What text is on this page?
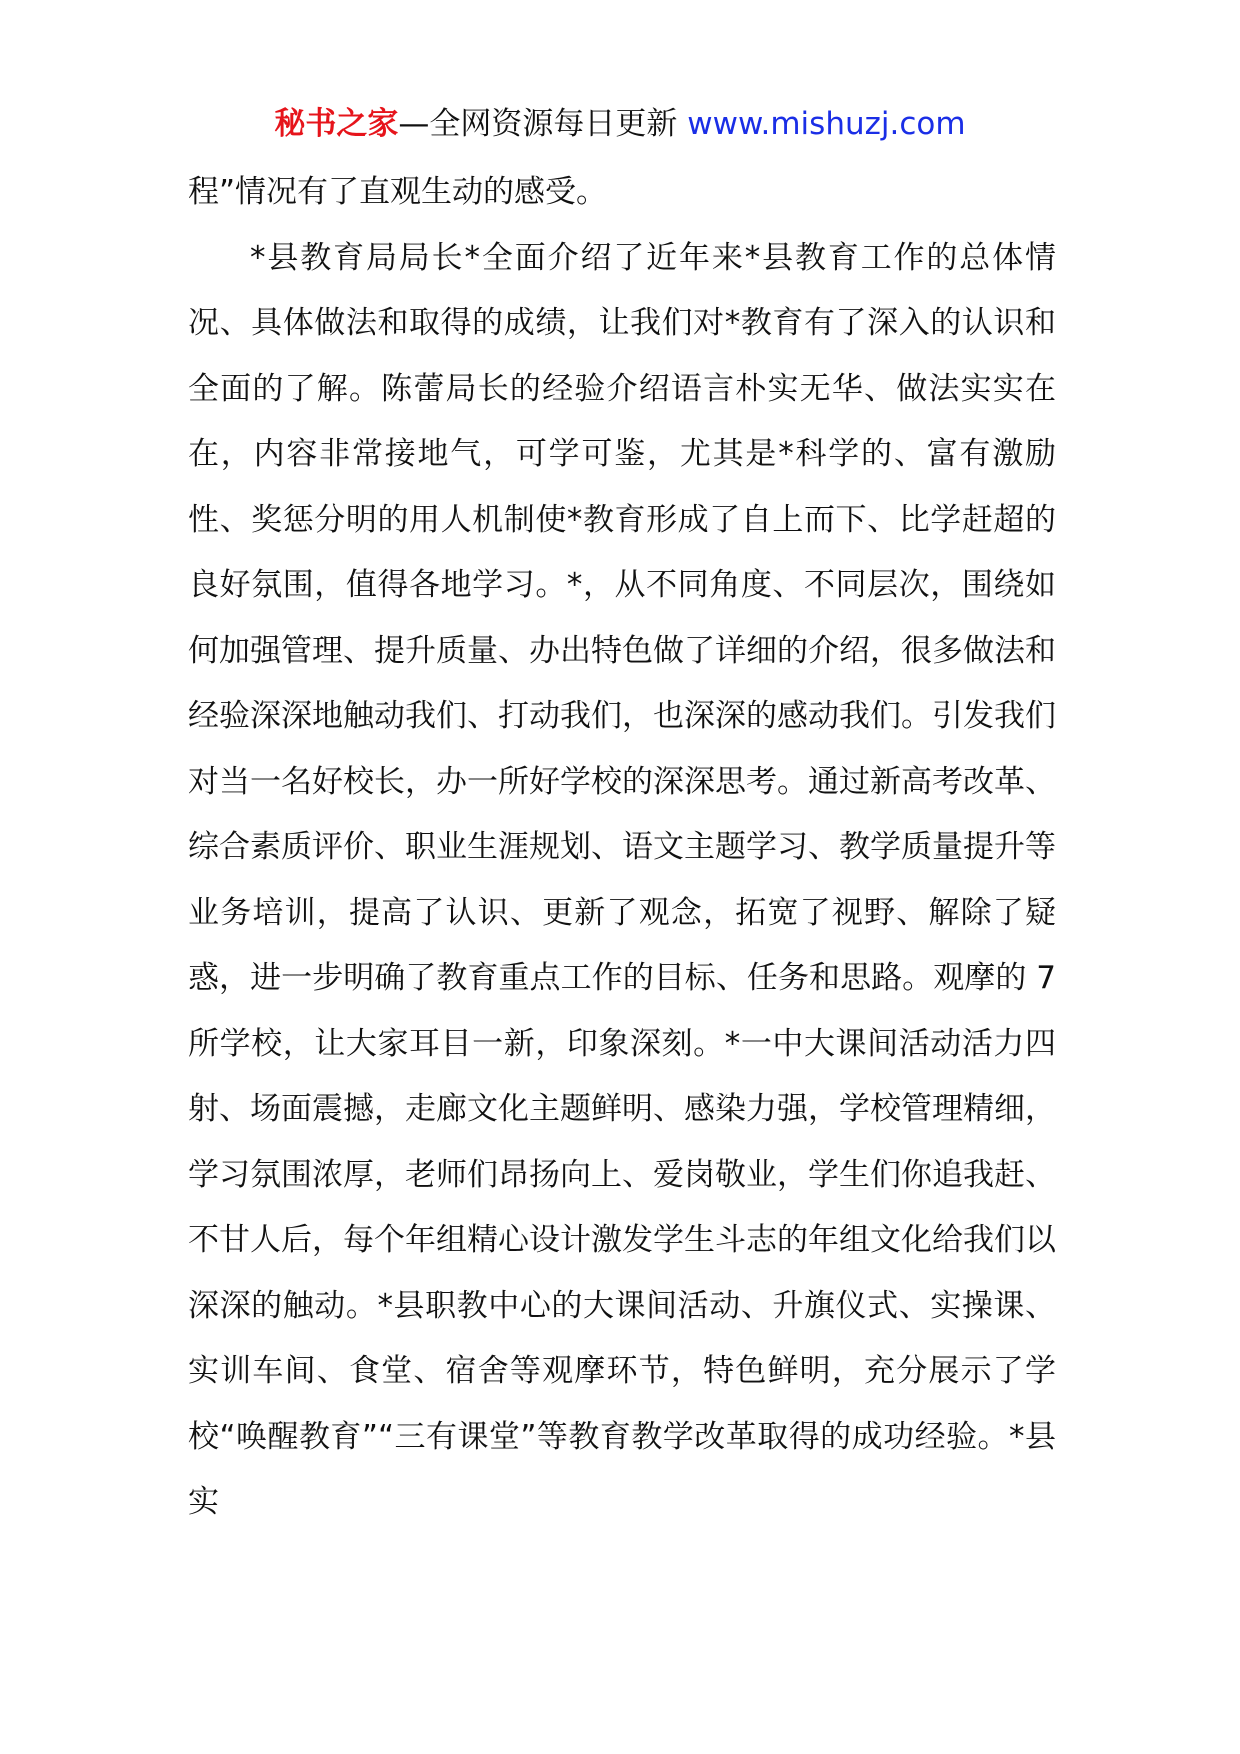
秘书之家—全网资源每日更新 www.mishuzj.com

程”情况有了直观生动的感受。

*县教育局局长*全面介绍了近年来*县教育工作的总体情况、具体做法和取得的成绩，让我们对*教育有了深入的认识和全面的了解。陈蕾局长的经验介绍语言朴实无华、做法实实在在，内容非常接地气，可学可鉴，尤其是*科学的、富有激励性、奖惩分明的用人机制使*教育形成了自上而下、比学赶超的良好氛围，值得各地学习。*，从不同角度、不同层次，围绕如何加强管理、提升质量、办出特色做了详细的介绍，很多做法和经验深深地触动我们、打动我们，也深深的感动我们。引发我们对当一名好校长，办一所好学校的深深思考。通过新高考改革、综合素质评价、职业生涯规划、语文主题学习、教学质量提升等业务培训，提高了认识、更新了观念，拓宽了视野、解除了疑惑，进一步明确了教育重点工作的目标、任务和思路。观摩的 7 所学校，让大家耳目一新，印象深刻。*一中大课间活动活力四射、场面震撼，走廊文化主题鲜明、感染力强，学校管理精细，学习氛围浓厚，老师们昂扬向上、爱岗敬业，学生们你追我赶、不甘人后，每个年组精心设计激发学生斗志的年组文化给我们以深深的触动。*县职教中心的大课间活动、升旗仪式、实操课、实训车间、食堂、宿舍等观摩环节，特色鲜明，充分展示了学校“唤醒教育”“三有课堂”等教育教学改革取得的成功经验。*县实
